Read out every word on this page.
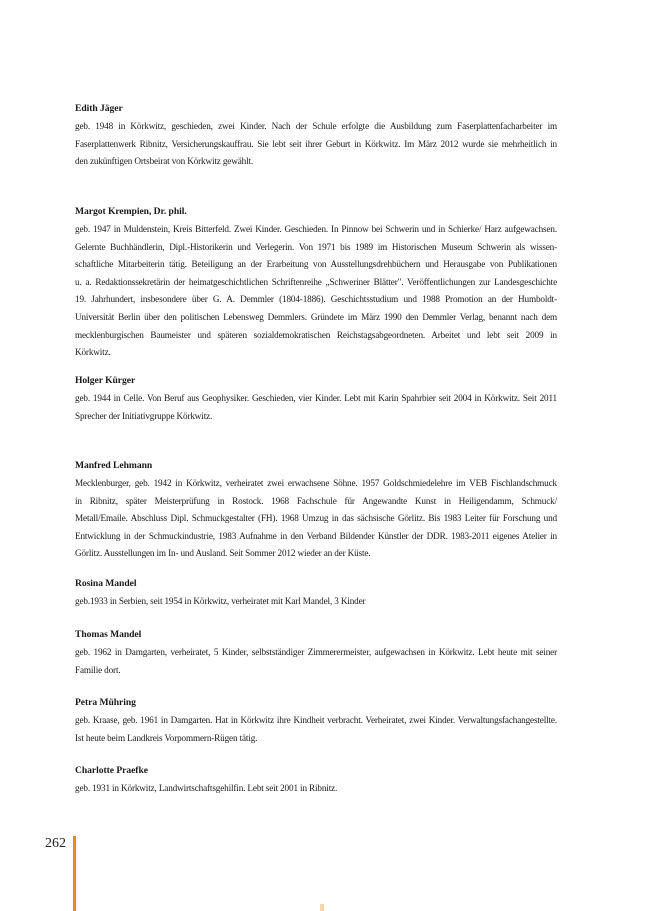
Edith Jäger

geb. 1948 in Körkwitz, geschieden, zwei Kinder. Nach der Schule erfolgte die Ausbildung zum Faserplattenfacharbeiter im

Faserplattenwerk Ribnitz, Versicherungskauffrau. Sie lebt seit ihrer Geburt in Körkwitz. Im März 2012 wurde sie mehrheitlich in

den zukünftigen Ortsbeirat von Körkwitz gewählt.

Margot Krempien, Dr. phil.

geb. 1947 in Muldenstein, Kreis Bitterfeld. Zwei Kinder. Geschieden. In Pinnow bei Schwerin und in Schierke/ Harz aufgewachsen.

Gelernte Buchhändlerin, Dipl.-Historikerin und Verlegerin. Von 1971 bis 1989 im Historischen Museum Schwerin als wissen-

schaftliche Mitarbeiterin tätig. Beteiligung an der Erarbeitung von Ausstellungsdrehbüchern und Herausgabe von Publikationen

u. a. Redaktionssekretärin der heimatgeschichtlichen Schriftenreihe „Schweriner Blätter". Veröffentlichungen zur Landesgeschichte

19. Jahrhundert, insbesondere über G. A. Demmler (1804-1886). Geschichtsstudium und 1988 Promotion an der Humboldt-

Universität Berlin über den politischen Lebensweg Demmlers. Gründete im März 1990 den Demmler Verlag, benannt nach dem

mecklenburgischen Baumeister und späteren sozialdemokratischen Reichstagsabgeordneten. Arbeitet und lebt seit 2009 in

Körkwitz.

Holger Kürger

geb. 1944 in Celle. Von Beruf aus Geophysiker. Geschieden, vier Kinder. Lebt mit Karin Spahrbier seit 2004 in Körkwitz. Seit 2011

Sprecher der Initiativgruppe Körkwitz.

Manfred Lehmann

Mecklenburger, geb. 1942 in Körkwitz, verheiratet zwei erwachsene Söhne. 1957 Goldschmiedelehre im VEB Fischlandschmuck

in Ribnitz, später Meisterprüfung in Rostock. 1968 Fachschule für Angewandte Kunst in Heiligendamm, Schmuck/

Metall/Emaile. Abschluss Dipl. Schmuckgestalter (FH). 1968 Umzug in das sächsische Görlitz. Bis 1983 Leiter für Forschung und

Entwicklung in der Schmuckindustrie, 1983 Aufnahme in den Verband Bildender Künstler der DDR. 1983-2011 eigenes Atelier in

Görlitz. Ausstellungen im In- und Ausland. Seit Sommer 2012 wieder an der Küste.

Rosina Mandel

geb.1933 in Serbien, seit 1954 in Körkwitz, verheiratet mit Karl Mandel, 3 Kinder

Thomas Mandel

geb. 1962 in Damgarten, verheiratet, 5 Kinder, selbstständiger Zimmerermeister, aufgewachsen in Körkwitz. Lebt heute mit seiner

Familie dort.

Petra Mühring

geb. Kraase, geb. 1961 in Damgarten. Hat in Körkwitz ihre Kindheit verbracht. Verheiratet, zwei Kinder. Verwaltungsfachangestellte.

Ist heute beim Landkreis Vorpommern-Rügen tätig.

Charlotte Praefke

geb. 1931 in Körkwitz, Landwirtschaftsgehilfin. Lebt seit 2001 in Ribnitz.

262
